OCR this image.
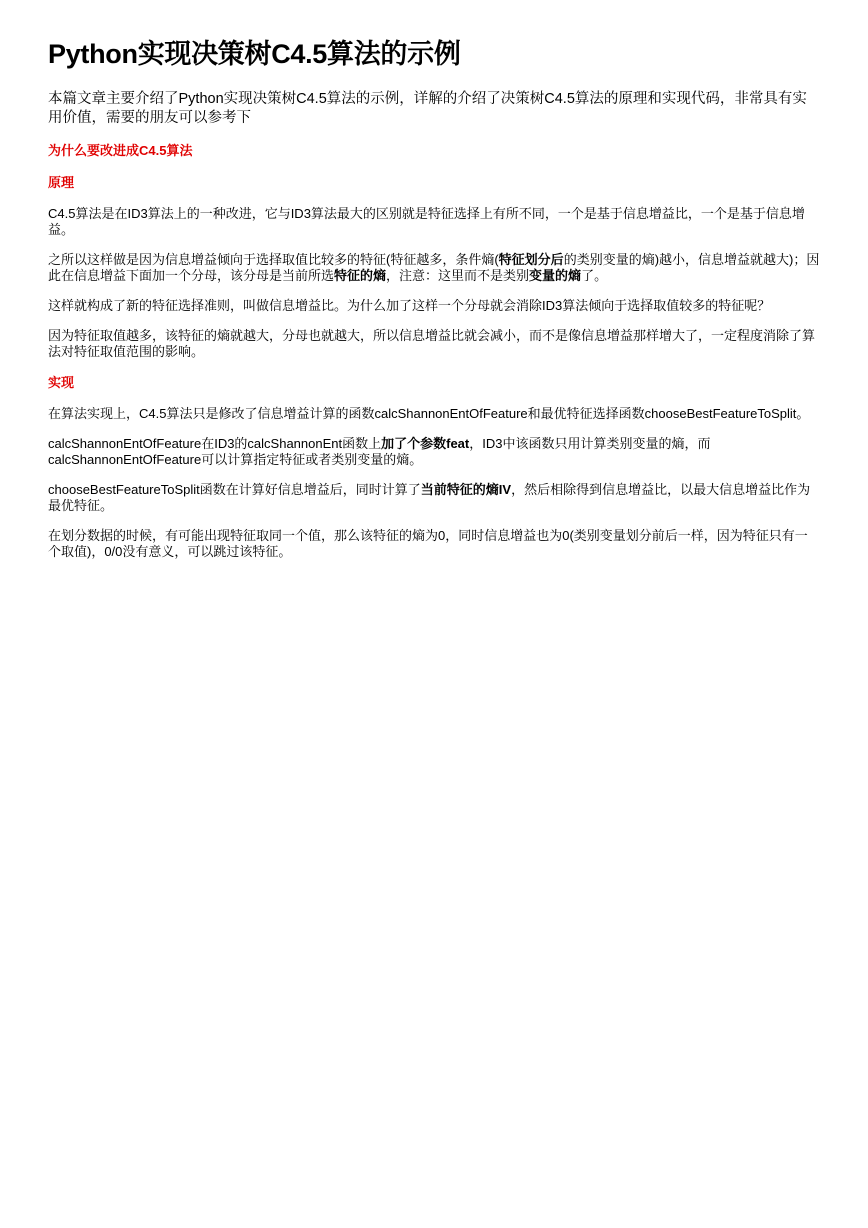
Python实现决策树C4.5算法的示例

本篇文章主要介绍了Python实现决策树C4.5算法的示例，详解的介绍了决策树C4.5算法的原理和实现代码，非常具有实用价值，需要的朋友可以参考下

为什么要改进成C4.5算法
原理

C4.5算法是在ID3算法上的一种改进，它与ID3算法最大的区别就是特征选择上有所不同，一个是基于信息增益比，一个是基于信息增益。

之所以这样做是因为信息增益倾向于选择取值比较多的特征(特征越多，条件熵(特征划分后的类别变量的熵)越小，信息增益就越大)；因此在信息增益下面加一个分母，该分母是当前所选特征的熵，注意：这里而不是类别变量的熵了。

这样就构成了新的特征选择准则，叫做信息增益比。为什么加了这样一个分母就会消除ID3算法倾向于选择取值较多的特征呢？

因为特征取值越多，该特征的熵就越大，分母也就越大，所以信息增益比就会减小，而不是像信息增益那样增大了，一定程度消除了算法对特征取值范围的影响。

实现

在算法实现上，C4.5算法只是修改了信息增益计算的函数calcShannonEntOfFeature和最优特征选择函数chooseBestFeatureToSplit。

calcShannonEntOfFeature在ID3的calcShannonEnt函数上加了个参数feat，ID3中该函数只用计算类别变量的熵，而calcShannonEntOfFeature可以计算指定特征或者类别变量的熵。

chooseBestFeatureToSplit函数在计算好信息增益后，同时计算了当前特征的熵IV，然后相除得到信息增益比，以最大信息增益比作为最优特征。

在划分数据的时候，有可能出现特征取同一个值，那么该特征的熵为0，同时信息增益也为0(类别变量划分前后一样，因为特征只有一个取值)，0/0没有意义，可以跳过该特征。
